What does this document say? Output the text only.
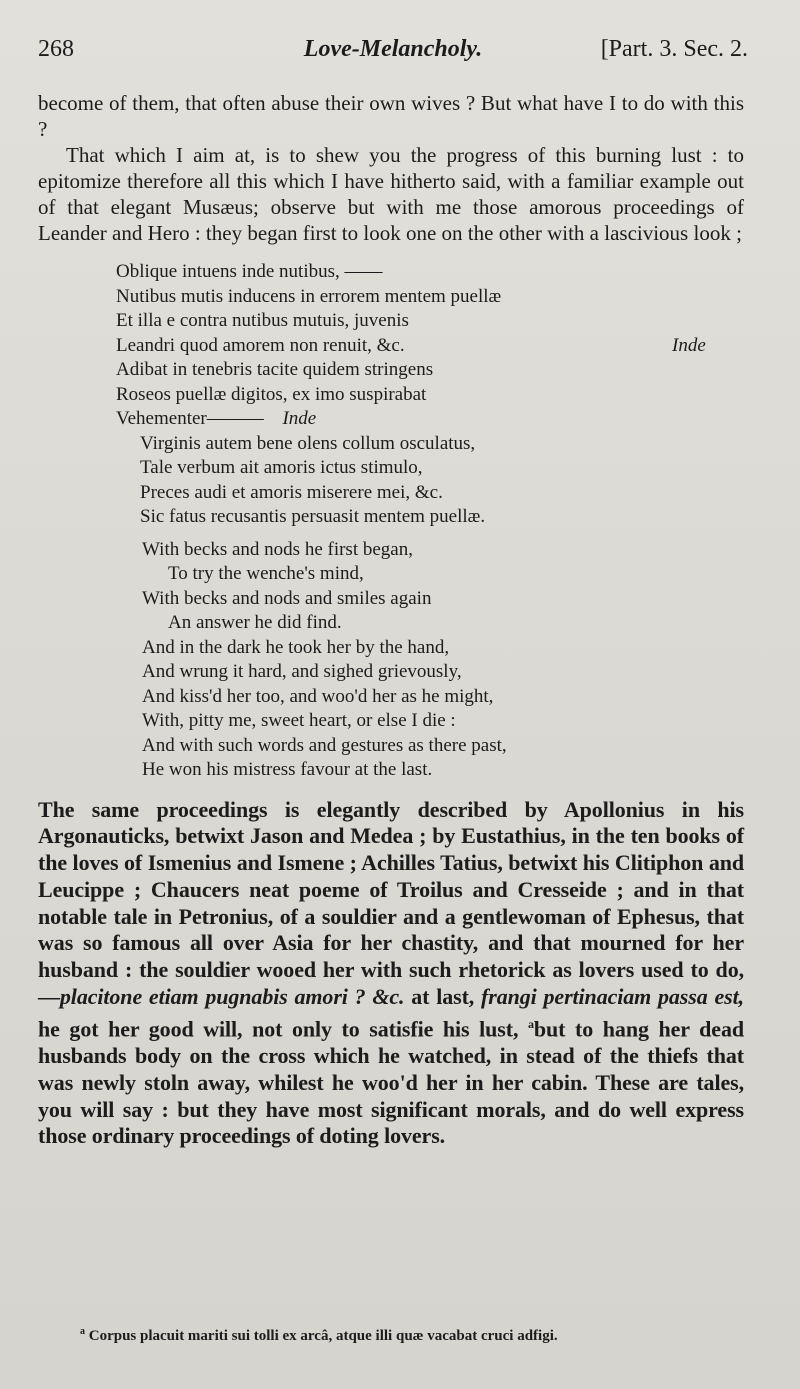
268	Love-Melancholy.	[Part. 3. Sec. 2.

become of them, that often abuse their own wives ? But what have I to do with this ?

That which I aim at, is to shew you the progress of this burning lust : to epitomize therefore all this which I have hitherto said, with a familiar example out of that elegant Musæus; observe but with me those amorous proceedings of Leander and Hero : they began first to look one on the other with a lascivious look ;

Oblique intuens inde nutibus, ——
Nutibus mutis inducens in errorem mentem puellæ
Et illa e contra nutibus mutuis, juvenis
Leandri quod amorem non renuit, &c.	Inde
Adibat in tenebris tacite quidem stringens
Roseos puellæ digitos, ex imo suspirabat
Vehementer——— Inde
Virginis autem bene olens collum osculatus,
Tale verbum ait amoris ictus stimulo,
Preces audi et amoris miserere mei, &c.
Sic fatus recusantis persuasit mentem puellæ.
With becks and nods he first began,
To try the wenche's mind,
With becks and nods and smiles again
An answer he did find.
And in the dark he took her by the hand,
And wrung it hard, and sighed grievously,
And kiss'd her too, and woo'd her as he might,
With, pitty me, sweet heart, or else I die :
And with such words and gestures as there past,
He won his mistress favour at the last.

The same proceedings is elegantly described by Apollonius in his Argonauticks, betwixt Jason and Medea ; by Eustathius, in the ten books of the loves of Ismenius and Ismene ; Achilles Tatius, betwixt his Clitiphon and Leucippe ; Chaucers neat poeme of Troilus and Cresseide ; and in that notable tale in Petronius, of a souldier and a gentlewoman of Ephesus, that was so famous all over Asia for her chastity, and that mourned for her husband : the souldier wooed her with such rhetorick as lovers used to do,—placitone etiam pugnabis amori ? &c. at last, frangi pertinaciam passa est, he got her good will, not only to satisfie his lust, $^a$but to hang her dead husbands body on the cross which he watched, in stead of the thiefs that was newly stoln away, whilest he woo'd her in her cabin. These are tales, you will say : but they have most significant morals, and do well express those ordinary proceedings of doting lovers.

$^a$ Corpus placuit mariti sui tolli ex arcâ, atque illi quæ vacabat cruci adfigi.
